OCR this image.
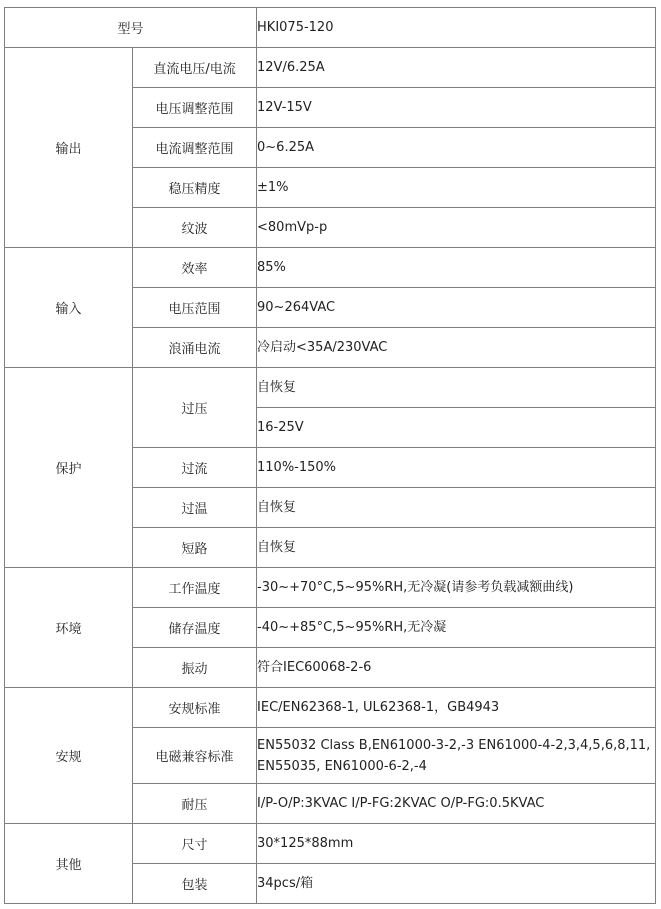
型号		HKI075-120
输出	直流电压/电流	12V/6.25A
	电压调整范围	12V-15V
	电流调整范围	0~6.25A
	稳压精度	±1%
	纹波	<80mVp-p
输入	效率	85%
	电压范围	90~264VAC
	浪涌电流	冷启动<35A/230VAC
保护	过压	自恢复
		16-25V
	过流	110%-150%
	过温	自恢复
	短路	自恢复
环境	工作温度	-30~+70°C,5~95%RH,无冷凝(请参考负载减额曲线)
	储存温度	-40~+85°C,5~95%RH,无冷凝
	振动	符合IEC60068-2-6
安规	安规标准	IEC/EN62368-1, UL62368-1，GB4943
	电磁兼容标准	EN55032 Class B,EN61000-3-2,-3 EN61000-4-2,3,4,5,6,8,11, EN55035, EN61000-6-2,-4
	耐压	I/P-O/P:3KVAC I/P-FG:2KVAC O/P-FG:0.5KVAC
其他	尺寸	30*125*88mm
	包装	34pcs/箱
